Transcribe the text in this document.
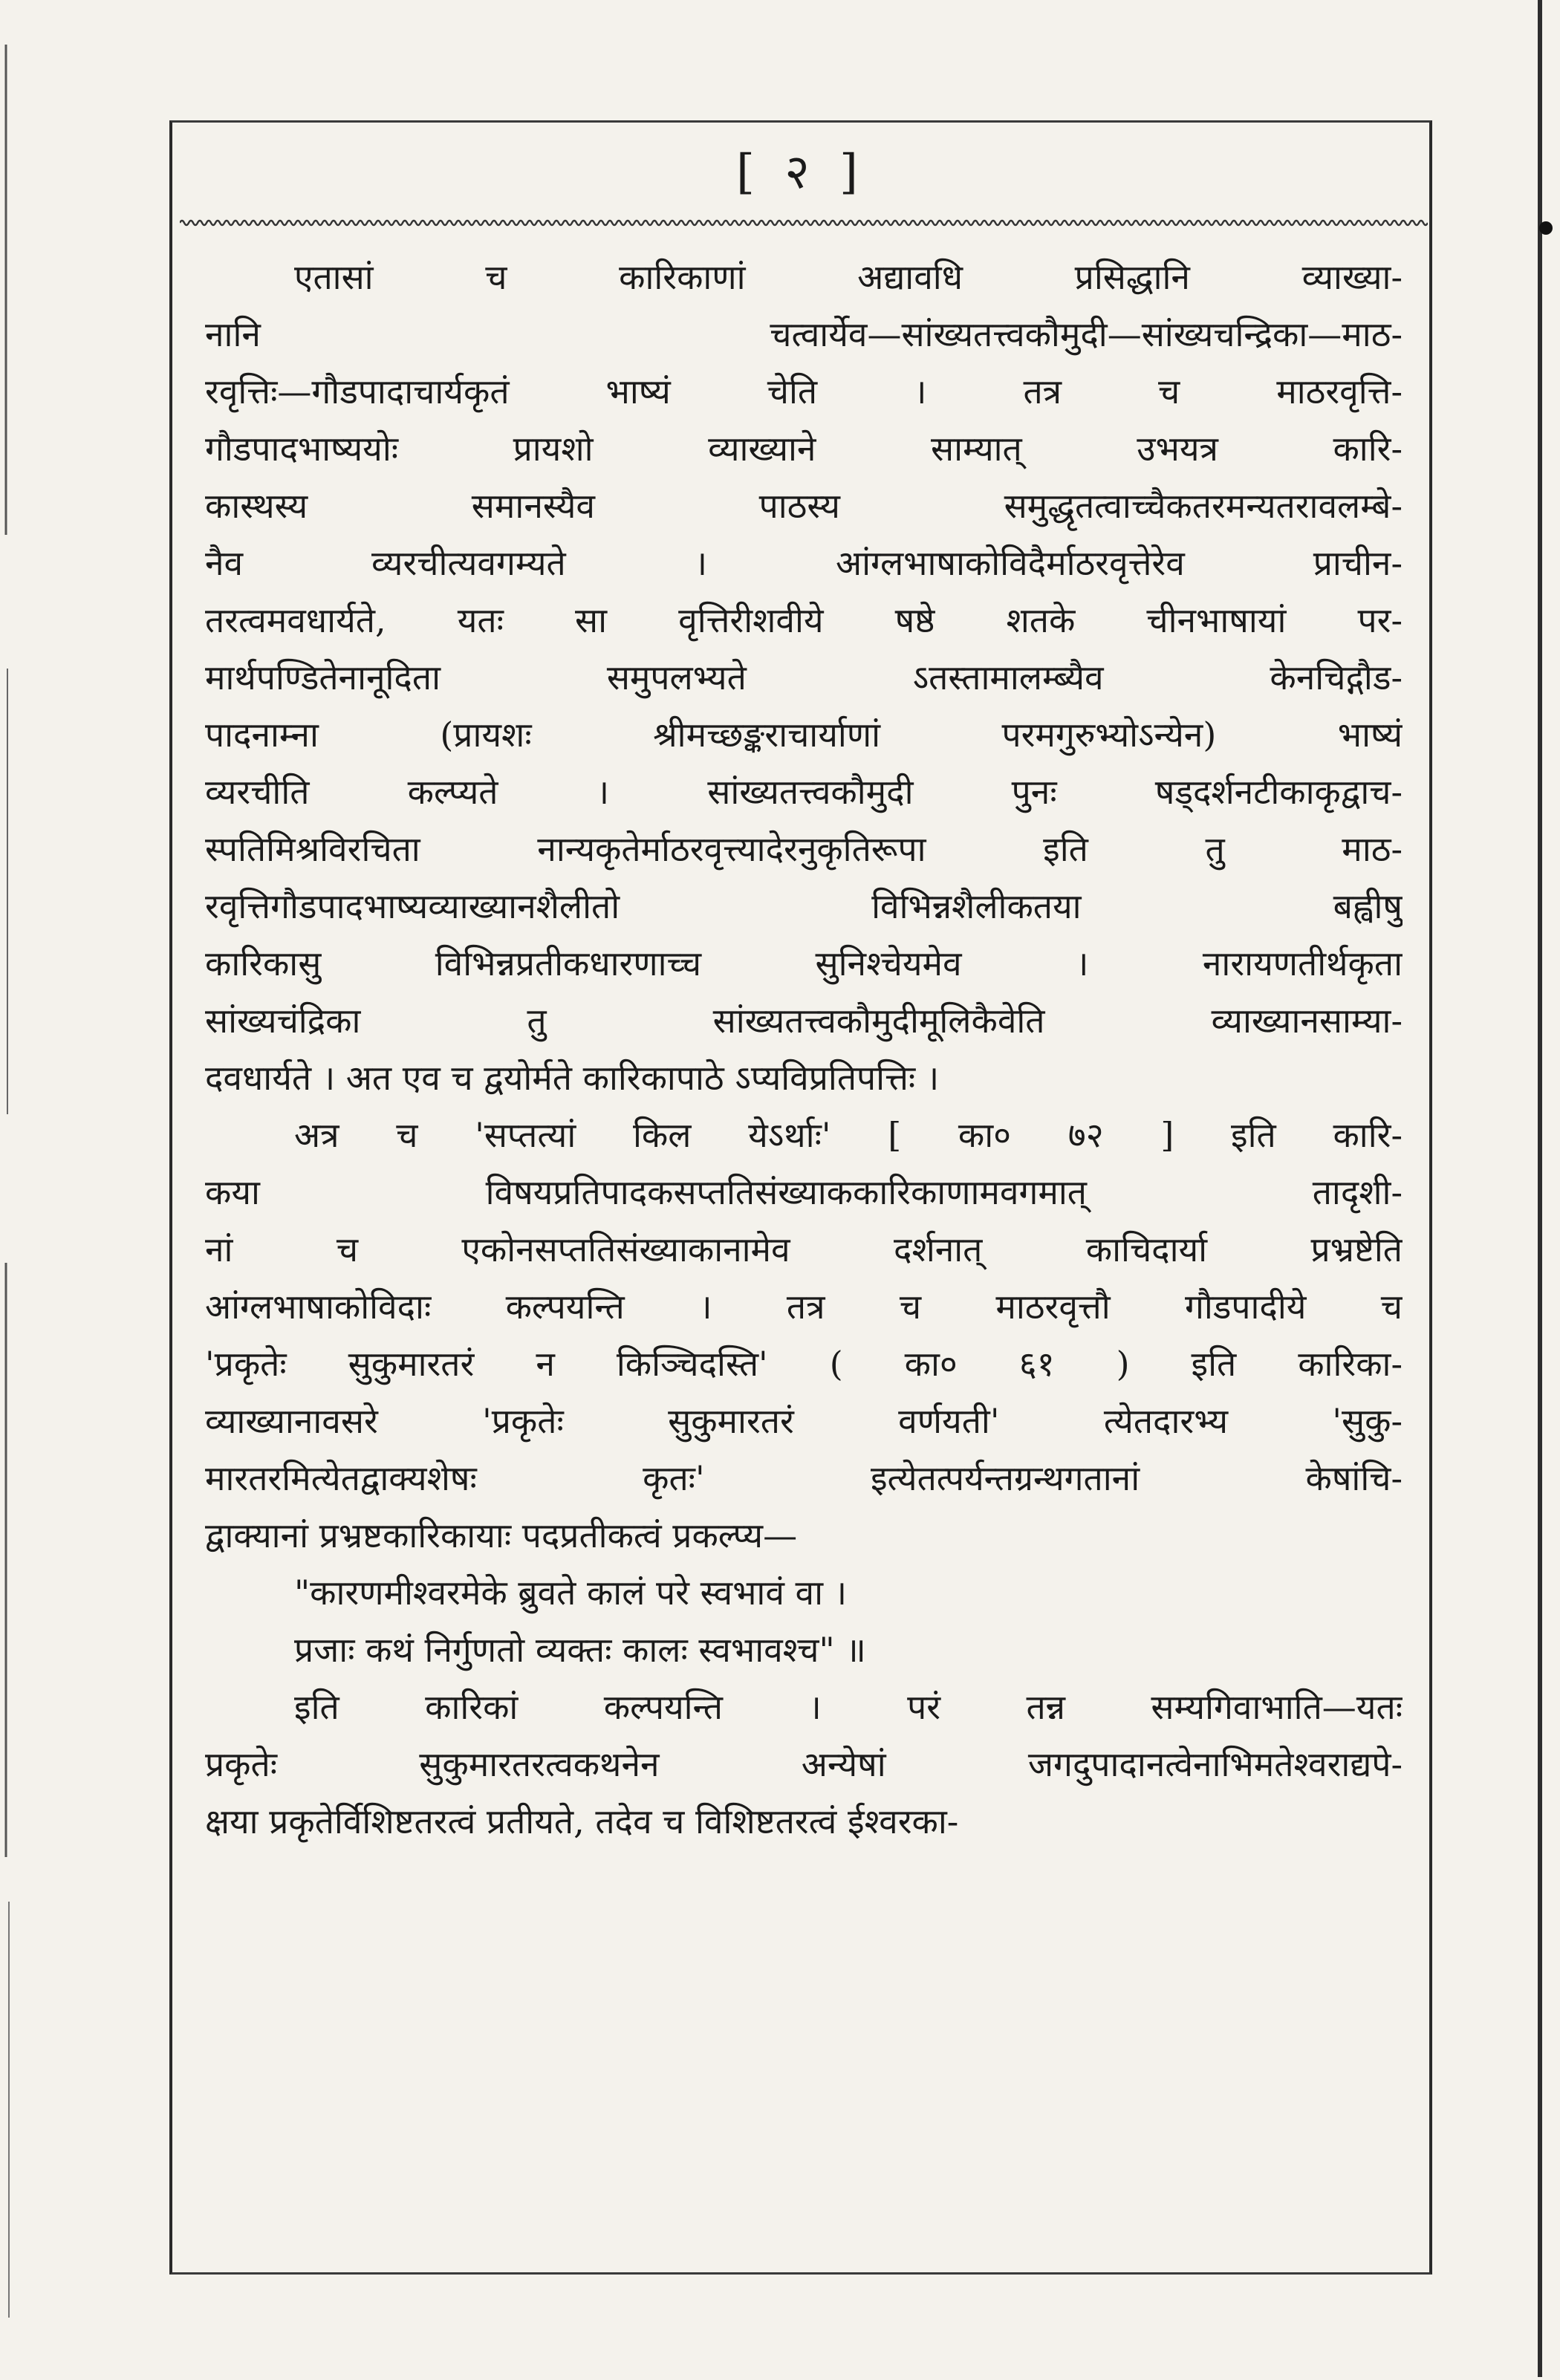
[ २ ]
एतासां च कारिकाणां अद्यावधि प्रसिद्धानि व्याख्या-
नानि चत्वार्येव—सांख्यतत्त्वकौमुदी—सांख्यचन्द्रिका—माठ-
रवृत्तिः—गौडपादाचार्यकृतं भाष्यं चेति । तत्र च माठरवृत्ति-
गौडपादभाष्ययोः प्रायशो व्याख्याने साम्यात् उभयत्र कारि-
कास्थस्य समानस्यैव पाठस्य समुद्धृतत्वाच्चैकतरमन्यतरावलम्बे-
नैव व्यरचीत्यवगम्यते । आंग्लभाषाकोविदैर्माठरवृत्तेरेव प्राचीन-
तरत्वमवधार्यते, यतः सा वृत्तिरीशवीये षष्ठे शतके चीनभाषायां पर-
मार्थपण्डितेनानूदिता समुपलभ्यते ऽतस्तामालम्ब्यैव केनचिद्गौड-
पादनाम्ना (प्रायशः श्रीमच्छङ्कराचार्याणां परमगुरुभ्योऽन्येन) भाष्यं
व्यरचीति कल्प्यते । सांख्यतत्त्वकौमुदी पुनः षड्दर्शनटीकाकृद्वाच-
स्पतिमिश्रविरचिता नान्यकृतेर्माठरवृत्त्यादेरनुकृतिरूपा इति तु माठ-
रवृत्तिगौडपादभाष्यव्याख्यानशैलीतो विभिन्नशैलीकतया बह्वीषु
कारिकासु विभिन्नप्रतीकधारणाच्च सुनिश्चेयमेव । नारायणतीर्थकृता
सांख्यचंद्रिका तु सांख्यतत्त्वकौमुदीमूलिकैवेति व्याख्यानसाम्या-
दवधार्यते । अत एव च द्वयोर्मते कारिकापाठे ऽप्यविप्रतिपत्तिः ।
अत्र च 'सप्तत्यां किल येऽर्थाः' [ का० ७२ ] इति कारि-
कया विषयप्रतिपादकसप्ततिसंख्याककारिकाणामवगमात् तादृशी-
नां च एकोनसप्ततिसंख्याकानामेव दर्शनात् काचिदार्या प्रभ्रष्टेति
आंग्लभाषाकोविदाः कल्पयन्ति । तत्र च माठरवृत्तौ गौडपादीये च
'प्रकृतेः सुकुमारतरं न किञ्चिदस्ति' ( का० ६१ ) इति कारिका-
व्याख्यानावसरे 'प्रकृतेः सुकुमारतरं वर्णयती' त्येतदारभ्य 'सुकु-
मारतरमित्येतद्वाक्यशेषः कृतः' इत्येतत्पर्यन्तग्रन्थगतानां केषांचि-
द्वाक्यानां प्रभ्रष्टकारिकायाः पदप्रतीकत्वं प्रकल्प्य—
"कारणमीश्वरमेके ब्रुवते कालं परे स्वभावं वा ।
प्रजाः कथं निर्गुणतो व्यक्तः कालः स्वभावश्च" ॥
इति कारिकां कल्पयन्ति । परं तन्न सम्यगिवाभाति—यतः
प्रकृतेः सुकुमारतरत्वकथनेन अन्येषां जगदुपादानत्वेनाभिमतेश्वराद्यपे-
क्षया प्रकृतेर्विशिष्टतरत्वं प्रतीयते, तदेव च विशिष्टतरत्वं ईश्वरका-
